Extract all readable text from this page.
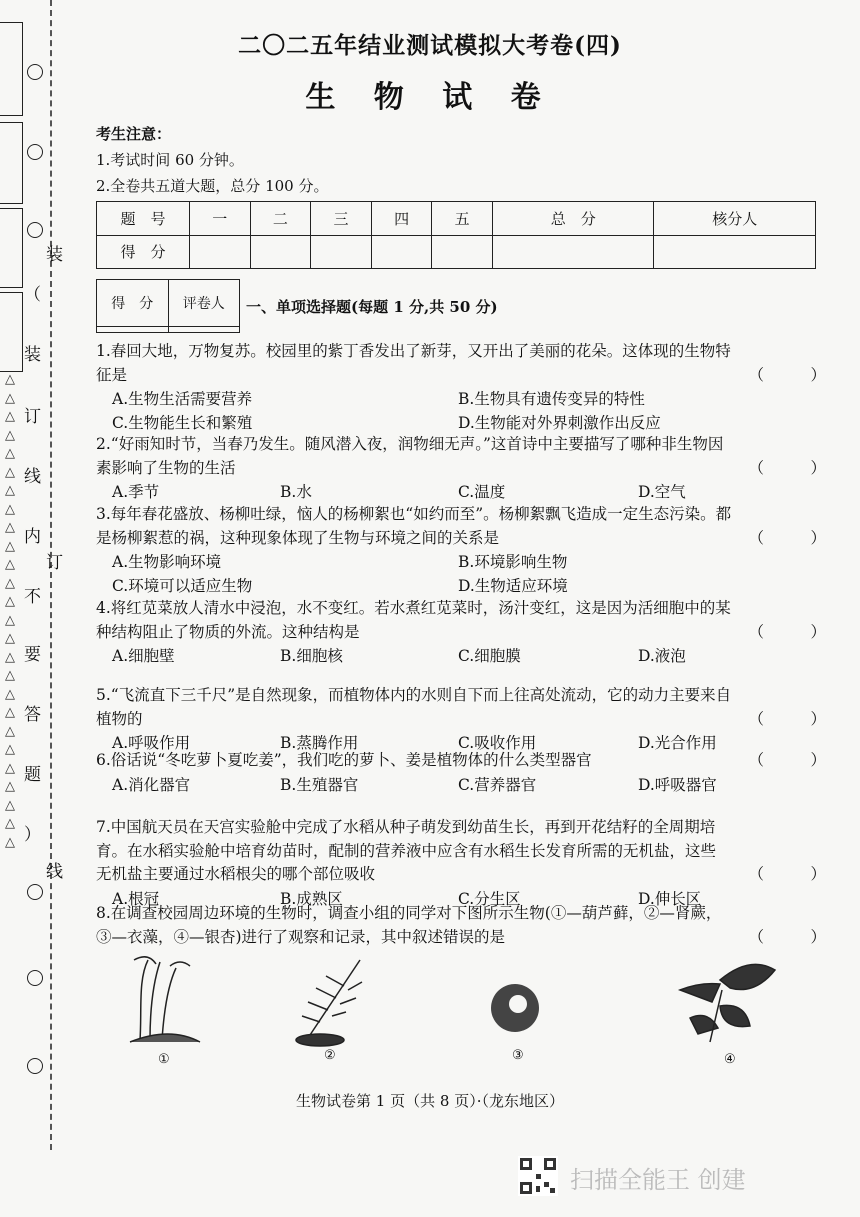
装
订
线
（
装
订
线
内
不
要
答
题
）
△
△
△
△
△
△
△
△
△
△
△
△
△
△
△
△
△
△
△
△
△
△
△
△
△
△
二〇二五年结业测试模拟大考卷(四)
生 物 试 卷
考生注意：
1.考试时间 60 分钟。
2.全卷共五道大题，总分 100 分。
题　号	一	二	三	四	五	总　分	核分人
得　分							
得　分	评卷人
	一、单项选择题(每题 1 分,共 50 分)
1.春回大地，万物复苏。校园里的紫丁香发出了新芽，又开出了美丽的花朵。这体现的生物特
征是	（　　　）
A.生物生活需要营养	B.生物具有遗传变异的特性
C.生物能生长和繁殖	D.生物能对外界刺激作出反应
2.“好雨知时节，当春乃发生。随风潜入夜，润物细无声。”这首诗中主要描写了哪种非生物因
素影响了生物的生活	（　　　）
A.季节	B.水	C.温度	D.空气
3.每年春花盛放、杨柳吐绿，恼人的杨柳絮也“如约而至”。杨柳絮飘飞造成一定生态污染。都
是杨柳絮惹的祸，这种现象体现了生物与环境之间的关系是	（　　　）
A.生物影响环境	B.环境影响生物
C.环境可以适应生物	D.生物适应环境
4.将红苋菜放人清水中浸泡，水不变红。若水煮红苋菜时，汤汁变红，这是因为活细胞中的某
种结构阻止了物质的外流。这种结构是	（　　　）
A.细胞壁	B.细胞核	C.细胞膜	D.液泡
5.“飞流直下三千尺”是自然现象，而植物体内的水则自下而上往高处流动，它的动力主要来自
植物的	（　　　）
A.呼吸作用	B.蒸腾作用	C.吸收作用	D.光合作用
6.俗话说“冬吃萝卜夏吃姜”，我们吃的萝卜、姜是植物体的什么类型器官	（　　　）
A.消化器官	B.生殖器官	C.营养器官	D.呼吸器官
7.中国航天员在天宫实验舱中完成了水稻从种子萌发到幼苗生长，再到开花结籽的全周期培
育。在水稻实验舱中培育幼苗时，配制的营养液中应含有水稻生长发育所需的无机盐，这些
无机盐主要通过水稻根尖的哪个部位吸收	（　　　）
A.根冠	B.成熟区	C.分生区	D.伸长区
8.在调查校园周边环境的生物时，调查小组的同学对下图所示生物(①—葫芦藓，②—肾蕨，
③—衣藻，④—银杏)进行了观察和记录，其中叙述错误的是	（　　　）
①	②	③	④
生物试卷第 1 页（共 8 页）·（龙东地区）
扫描全能王 创建
